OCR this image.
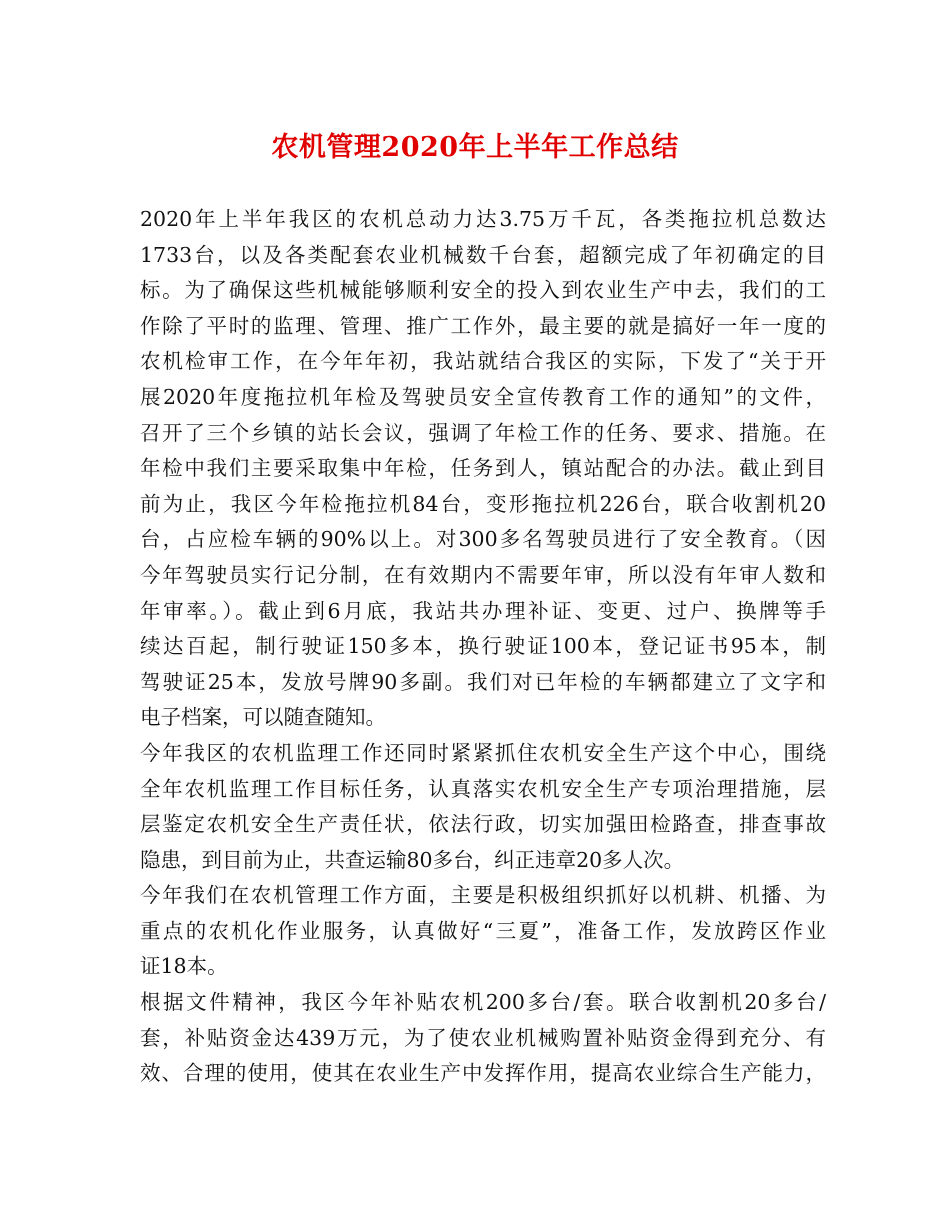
农机管理2020年上半年工作总结
2020年上半年我区的农机总动力达3.75万千瓦，各类拖拉机总数达
1733台，以及各类配套农业机械数千台套，超额完成了年初确定的目
标。为了确保这些机械能够顺利安全的投入到农业生产中去，我们的工
作除了平时的监理、管理、推广工作外，最主要的就是搞好一年一度的
农机检审工作，在今年年初，我站就结合我区的实际，下发了“关于开
展2020年度拖拉机年检及驾驶员安全宣传教育工作的通知”的文件，
召开了三个乡镇的站长会议，强调了年检工作的任务、要求、措施。在
年检中我们主要采取集中年检，任务到人，镇站配合的办法。截止到目
前为止，我区今年检拖拉机84台，变形拖拉机226台，联合收割机20
台，占应检车辆的90%以上。对300多名驾驶员进行了安全教育。（因
今年驾驶员实行记分制，在有效期内不需要年审，所以没有年审人数和
年审率。）。截止到6月底，我站共办理补证、变更、过户、换牌等手
续达百起，制行驶证150多本，换行驶证100本，登记证书95本，制
驾驶证25本，发放号牌90多副。我们对已年检的车辆都建立了文字和
电子档案，可以随查随知。
今年我区的农机监理工作还同时紧紧抓住农机安全生产这个中心，围绕
全年农机监理工作目标任务，认真落实农机安全生产专项治理措施，层
层鉴定农机安全生产责任状，依法行政，切实加强田检路查，排查事故
隐患，到目前为止，共查运输80多台，纠正违章20多人次。
今年我们在农机管理工作方面，主要是积极组织抓好以机耕、机播、为
重点的农机化作业服务，认真做好“三夏”，准备工作，发放跨区作业
证18本。
根据文件精神，我区今年补贴农机200多台/套。联合收割机20多台/
套，补贴资金达439万元，为了使农业机械购置补贴资金得到充分、有
效、合理的使用，使其在农业生产中发挥作用，提高农业综合生产能力，
